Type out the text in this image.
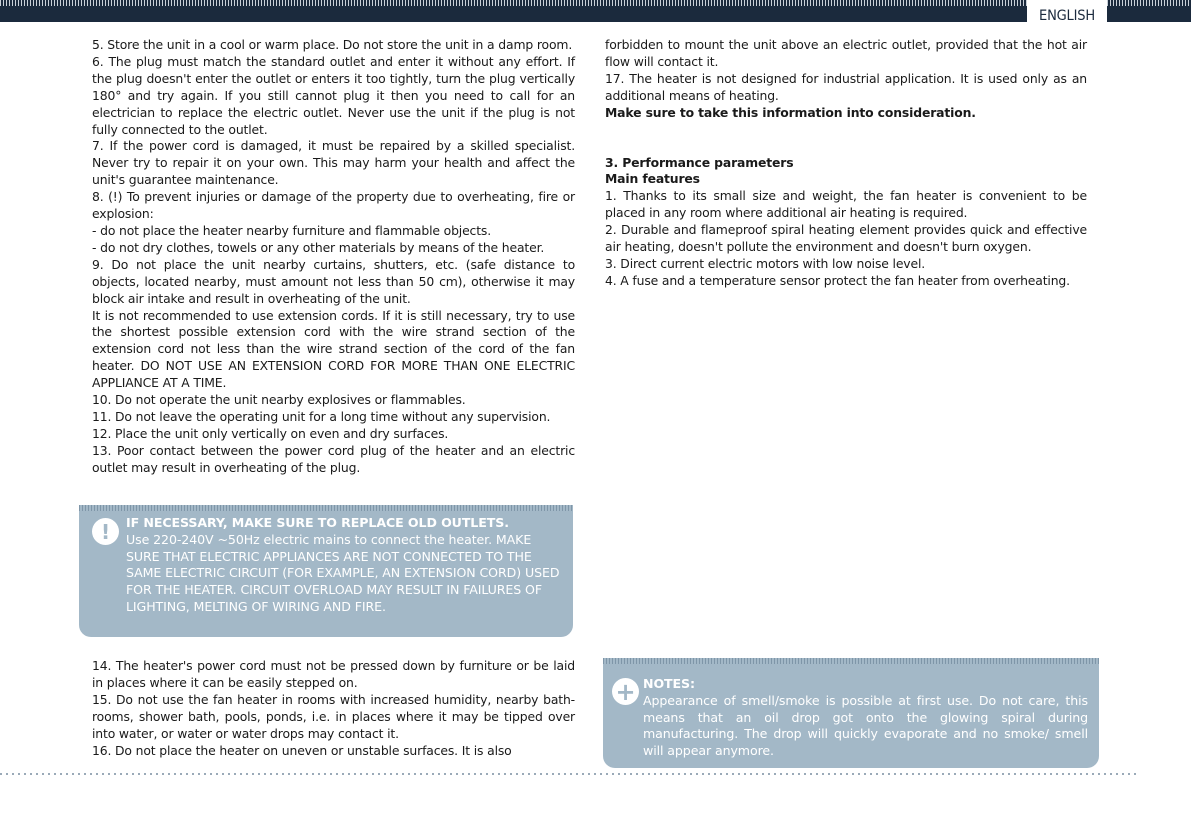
ENGLISH

5. Store the unit in a cool or warm place. Do not store the unit in a damp room.

6. The plug must match the standard outlet and enter it without any effort. If the plug doesn't enter the outlet or enters it too tightly, turn the plug vertically 180° and try again. If you still cannot plug it then you need to call for an electrician to replace the electric outlet. Never use the unit if the plug is not fully connected to the outlet.

7. If the power cord is damaged, it must be repaired by a skilled specialist. Never try to repair it on your own. This may harm your health and affect the unit's guarantee maintenance.

8. (!) To prevent injuries or damage of the property due to overheating, fire or explosion:

- do not place the heater nearby furniture and flammable objects.

- do not dry clothes, towels or any other materials by means of the heater.

9. Do not place the unit nearby curtains, shutters, etc. (safe distance to objects, located nearby, must amount not less than 50 cm), otherwise it may block air intake and result in overheating of the unit.

It is not recommended to use extension cords. If it is still necessary, try to use the shortest possible extension cord with the wire strand section of the extension cord not less than the wire strand section of the cord of the fan heater. DO NOT USE AN EXTENSION CORD FOR MORE THAN ONE ELECTRIC APPLIANCE AT A TIME.

10. Do not operate the unit nearby explosives or flammables.

11. Do not leave the operating unit for a long time without any supervision.

12. Place the unit only vertically on even and dry surfaces.

13. Poor contact between the power cord plug of the heater and an electric outlet may result in overheating of the plug.

!	IF NECESSARY, MAKE SURE TO REPLACE OLD OUTLETS.
Use 220-240V ~50Hz electric mains to connect the heater. MAKE SURE THAT ELECTRIC APPLIANCES ARE NOT CONNECTED TO THE SAME ELECTRIC CIRCUIT (FOR EXAMPLE, AN EXTENSION CORD) USED FOR THE HEATER. CIRCUIT OVERLOAD MAY RESULT IN FAILURES OF LIGHTING, MELTING OF WIRING AND FIRE.

14. The heater's power cord must not be pressed down by furniture or be laid in places where it can be easily stepped on.

15. Do not use the fan heater in rooms with increased humidity, nearby bath-rooms, shower bath, pools, ponds, i.e. in places where it may be tipped over into water, or water or water drops may contact it.

16. Do not place the heater on uneven or unstable surfaces. It is also

forbidden to mount the unit above an electric outlet, provided that the hot air flow will contact it.

17. The heater is not designed for industrial application. It is used only as an additional means of heating.

Make sure to take this information into consideration.

3. Performance parameters

Main features

1. Thanks to its small size and weight, the fan heater is convenient to be placed in any room where additional air heating is required.

2. Durable and flameproof spiral heating element provides quick and effective air heating, doesn't pollute the environment and doesn't burn oxygen.

3. Direct current electric motors with low noise level.

4. A fuse and a temperature sensor protect the fan heater from overheating.

+ NOTES:
Appearance of smell/smoke is possible at first use. Do not care, this means that an oil drop got onto the glowing spiral during manufacturing. The drop will quickly evaporate and no smoke/ smell will appear anymore.
